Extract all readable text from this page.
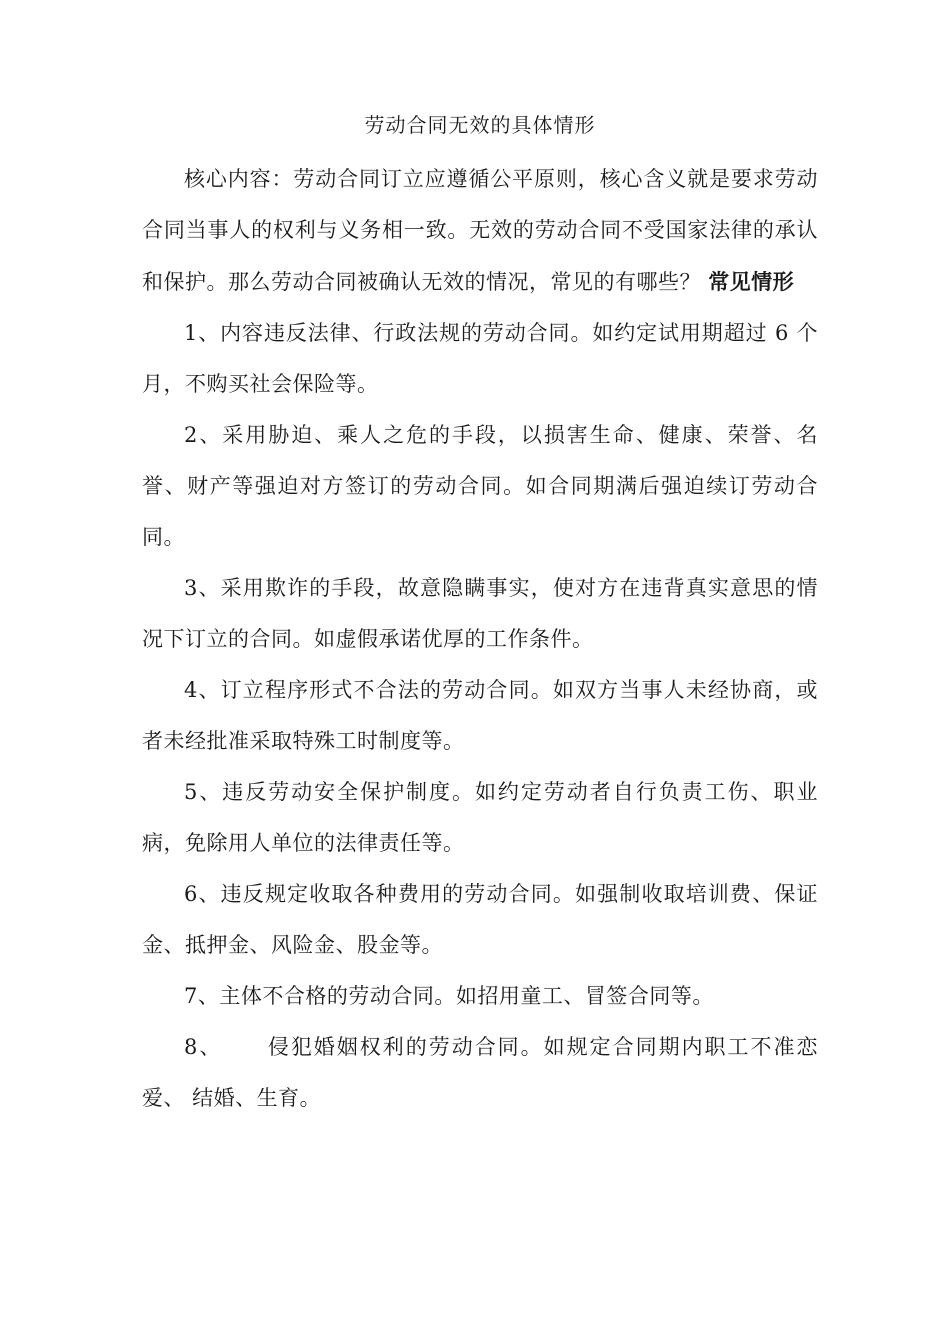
劳动合同无效的具体情形

核心内容：劳动合同订立应遵循公平原则，核心含义就是要求劳动合同当事人的权利与义务相一致。无效的劳动合同不受国家法律的承认和保护。那么劳动合同被确认无效的情况，常见的有哪些？ 常见情形

1、内容违反法律、行政法规的劳动合同。如约定试用期超过 6 个月，不购买社会保险等。

2、采用胁迫、乘人之危的手段，以损害生命、健康、荣誉、名誉、财产等强迫对方签订的劳动合同。如合同期满后强迫续订劳动合同。

3、采用欺诈的手段，故意隐瞒事实，使对方在违背真实意思的情况下订立的合同。如虚假承诺优厚的工作条件。

4、订立程序形式不合法的劳动合同。如双方当事人未经协商，或者未经批准采取特殊工时制度等。

5、违反劳动安全保护制度。如约定劳动者自行负责工伤、职业病，免除用人单位的法律责任等。

6、违反规定收取各种费用的劳动合同。如强制收取培训费、保证金、抵押金、风险金、股金等。

7、主体不合格的劳动合同。如招用童工、冒签合同等。

8、 侵犯婚姻权利的劳动合同。如规定合同期内职工不准恋爱、 结婚、生育。
